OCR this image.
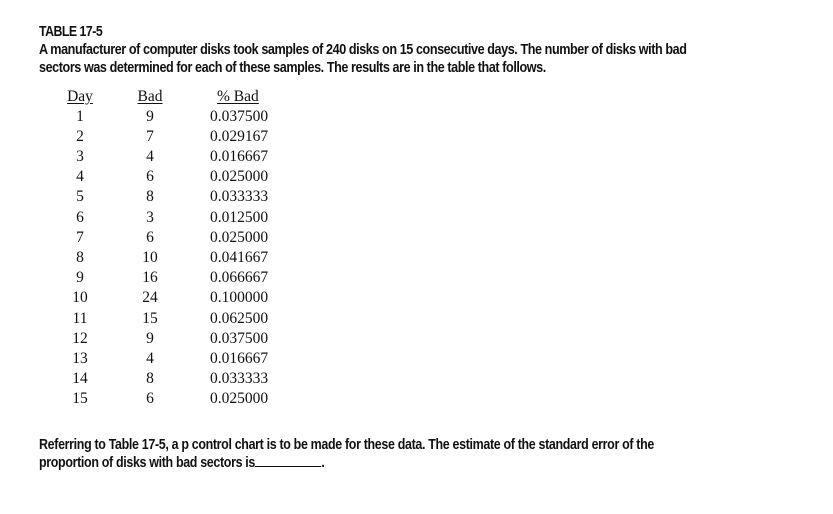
TABLE 17-5
A manufacturer of computer disks took samples of 240 disks on 15 consecutive days. The number of disks with bad
sectors was determined for each of these samples. The results are in the table that follows.
Day	Bad	% Bad
1	9	0.037500
2	7	0.029167
3	4	0.016667
4	6	0.025000
5	8	0.033333
6	3	0.012500
7	6	0.025000
8	10	0.041667
9	16	0.066667
10	24	0.100000
11	15	0.062500
12	9	0.037500
13	4	0.016667
14	8	0.033333
15	6	0.025000
Referring to Table 17-5, a p control chart is to be made for these data. The estimate of the standard error of the
proportion of disks with bad sectors is	.
